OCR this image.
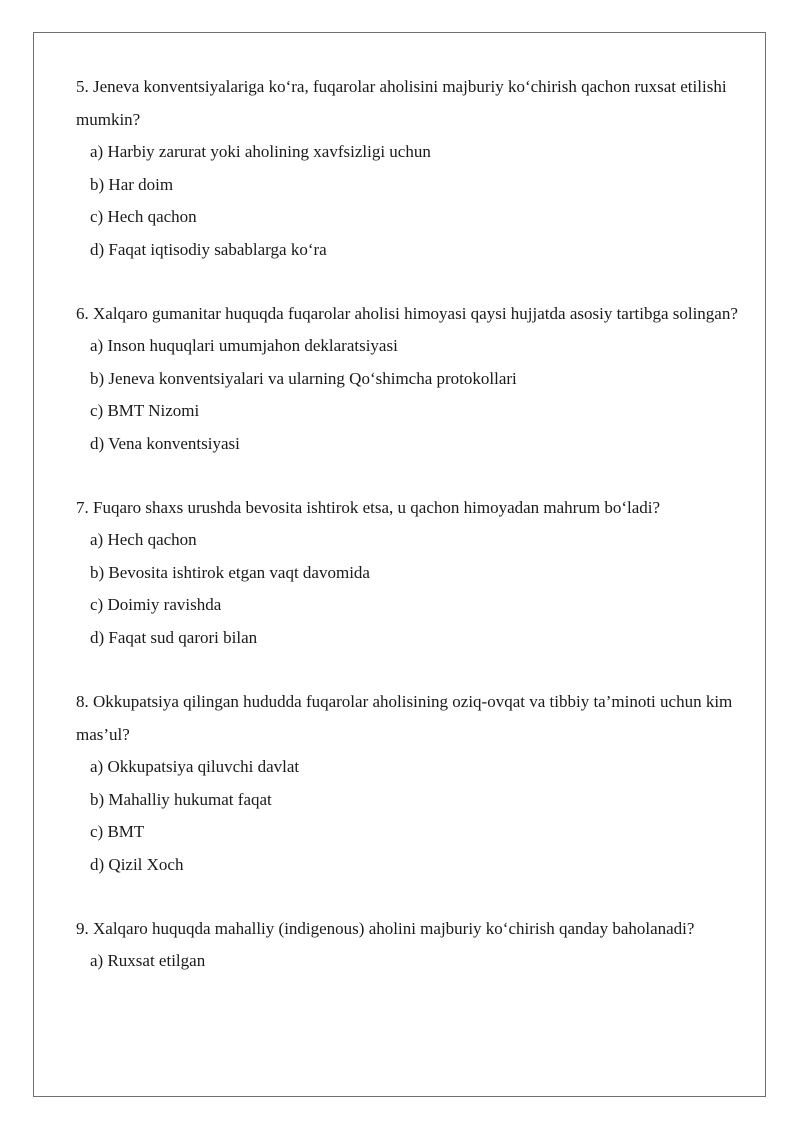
5. Jeneva konventsiyalariga ko‘ra, fuqarolar aholisini majburiy ko‘chirish qachon ruxsat etilishi mumkin?

a) Harbiy zarurat yoki aholining xavfsizligi uchun

b) Har doim

c) Hech qachon

d) Faqat iqtisodiy sabablarga ko‘ra

6. Xalqaro gumanitar huquqda fuqarolar aholisi himoyasi qaysi hujjatda asosiy tartibga solingan?

a) Inson huquqlari umumjahon deklaratsiyasi

b) Jeneva konventsiyalari va ularning Qo‘shimcha protokollari

c) BMT Nizomi

d) Vena konventsiyasi

7. Fuqaro shaxs urushda bevosita ishtirok etsa, u qachon himoyadan mahrum bo‘ladi?

a) Hech qachon

b) Bevosita ishtirok etgan vaqt davomida

c) Doimiy ravishda

d) Faqat sud qarori bilan

8. Okkupatsiya qilingan hududda fuqarolar aholisining oziq-ovqat va tibbiy ta’minoti uchun kim mas’ul?

a) Okkupatsiya qiluvchi davlat

b) Mahalliy hukumat faqat

c) BMT

d) Qizil Xoch

9. Xalqaro huquqda mahalliy (indigenous) aholini majburiy ko‘chirish qanday baholanadi?

a) Ruxsat etilgan
